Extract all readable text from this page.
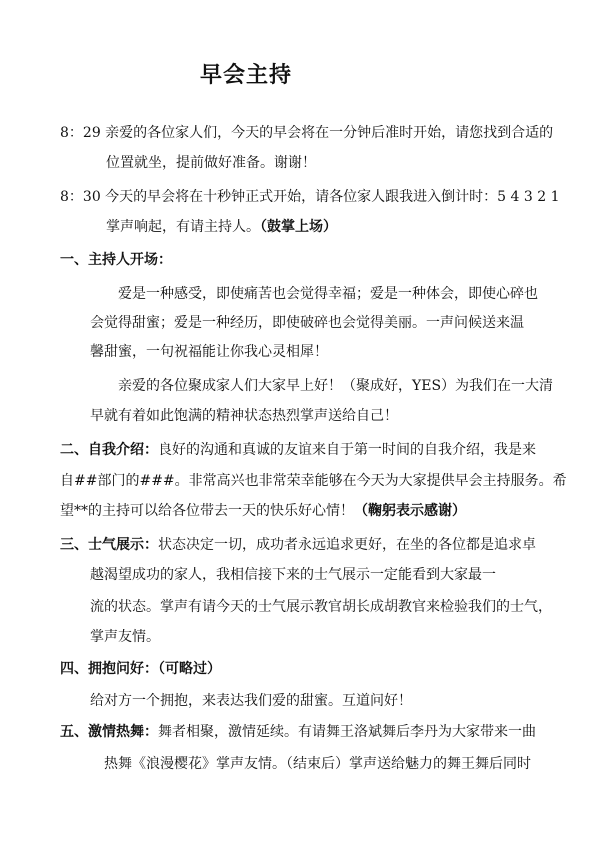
早会主持
8：29 亲爱的各位家人们，今天的早会将在一分钟后准时开始，请您找到合适的
位置就坐，提前做好准备。谢谢！
8：30 今天的早会将在十秒钟正式开始，请各位家人跟我进入倒计时：5 4 3 2 1
掌声响起，有请主持人。（鼓掌上场）
一、主持人开场：
爱是一种感受，即使痛苦也会觉得幸福；爱是一种体会，即使心碎也
会觉得甜蜜；爱是一种经历，即使破碎也会觉得美丽。一声问候送来温
馨甜蜜，一句祝福能让你我心灵相犀！
亲爱的各位聚成家人们大家早上好！（聚成好，YES）为我们在一大清
早就有着如此饱满的精神状态热烈掌声送给自己！
二、自我介绍：良好的沟通和真诚的友谊来自于第一时间的自我介绍，我是来
自##部门的###。非常高兴也非常荣幸能够在今天为大家提供早会主持服务。希
望**的主持可以给各位带去一天的快乐好心情！（鞠躬表示感谢）
三、士气展示：状态决定一切，成功者永远追求更好，在坐的各位都是追求卓
越渴望成功的家人，我相信接下来的士气展示一定能看到大家最一
流的状态。掌声有请今天的士气展示教官胡长成胡教官来检验我们的士气，
掌声友情。
四、拥抱问好：（可略过）
给对方一个拥抱，来表达我们爱的甜蜜。互道问好！
五、激情热舞：舞者相聚，激情延续。有请舞王洛斌舞后李丹为大家带来一曲
热舞《浪漫樱花》掌声友情。（结束后）掌声送给魅力的舞王舞后同时
